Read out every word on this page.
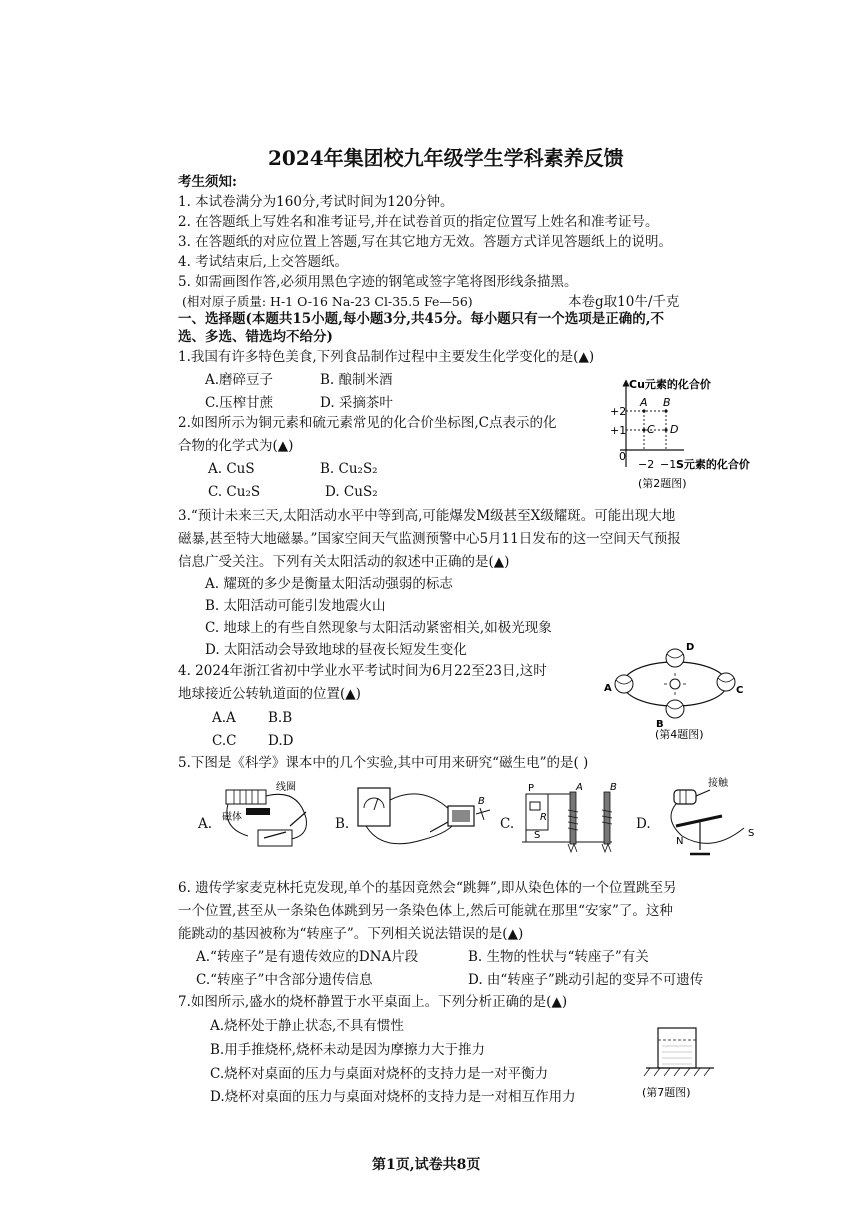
2024年集团校九年级学生学科素养反馈
考生须知:
1. 本试卷满分为160分,考试时间为120分钟。
2. 在答题纸上写姓名和准考证号,并在试卷首页的指定位置写上姓名和准考证号。
3. 在答题纸的对应位置上答题,写在其它地方无效。答题方式详见答题纸上的说明。
4. 考试结束后,上交答题纸。
5. 如需画图作答,必须用黑色字迹的钢笔或签字笔将图形线条描黑。
(相对原子质量: H-1 O-16 Na-23 Cl-35.5 Fe—56)	本卷g取10牛/千克
一、选择题(本题共15小题,每小题3分,共45分。每小题只有一个选项是正确的,不
选、多选、错选均不给分)
1.我国有许多特色美食,下列食品制作过程中主要发生化学变化的是(▲)
A.磨碎豆子	B. 酿制米酒
C.压榨甘蔗	D. 采摘茶叶
2.如图所示为铜元素和硫元素常见的化合价坐标图,C点表示的化
合物的化学式为(▲)
A. CuS	B. Cu₂S₂
C. Cu₂S	D. CuS₂
Cu元素的化合价
+2
+1
0
A B
C D
−2 −1 S元素的化合价
(第2题图)
3.“预计未来三天,太阳活动水平中等到高,可能爆发M级甚至X级耀斑。可能出现大地
磁暴,甚至特大地磁暴。”国家空间天气监测预警中心5月11日发布的这一空间天气预报
信息广受关注。下列有关太阳活动的叙述中正确的是(▲)
A. 耀斑的多少是衡量太阳活动强弱的标志
B. 太阳活动可能引发地震火山
C. 地球上的有些自然现象与太阳活动紧密相关,如极光现象
D. 太阳活动会导致地球的昼夜长短发生变化
4. 2024年浙江省初中学业水平考试时间为6月22至23日,这时
地球接近公转轨道面的位置(▲)
A.A B.B
C.C D.D
A
B
C
D
(第4题图)
5.下图是《科学》课本中的几个实验,其中可用来研究“磁生电”的是( )
A.	B.	C.	D.
线圈
磁体
B
P
R
S
A	B	接触
N
S
6. 遗传学家麦克林托克发现,单个的基因竟然会“跳舞”,即从染色体的一个位置跳至另
一个位置,甚至从一条染色体跳到另一条染色体上,然后可能就在那里“安家”了。这种
能跳动的基因被称为“转座子”。下列相关说法错误的是(▲)
A.“转座子”是有遗传效应的DNA片段	B. 生物的性状与“转座子”有关
C.“转座子”中含部分遗传信息	D. 由“转座子”跳动引起的变异不可遗传
7.如图所示,盛水的烧杯静置于水平桌面上。下列分析正确的是(▲)
A.烧杯处于静止状态,不具有惯性
B.用手推烧杯,烧杯未动是因为摩擦力大于推力
C.烧杯对桌面的压力与桌面对烧杯的支持力是一对平衡力
D.烧杯对桌面的压力与桌面对烧杯的支持力是一对相互作用力	(第7题图)
第1页,试卷共8页
